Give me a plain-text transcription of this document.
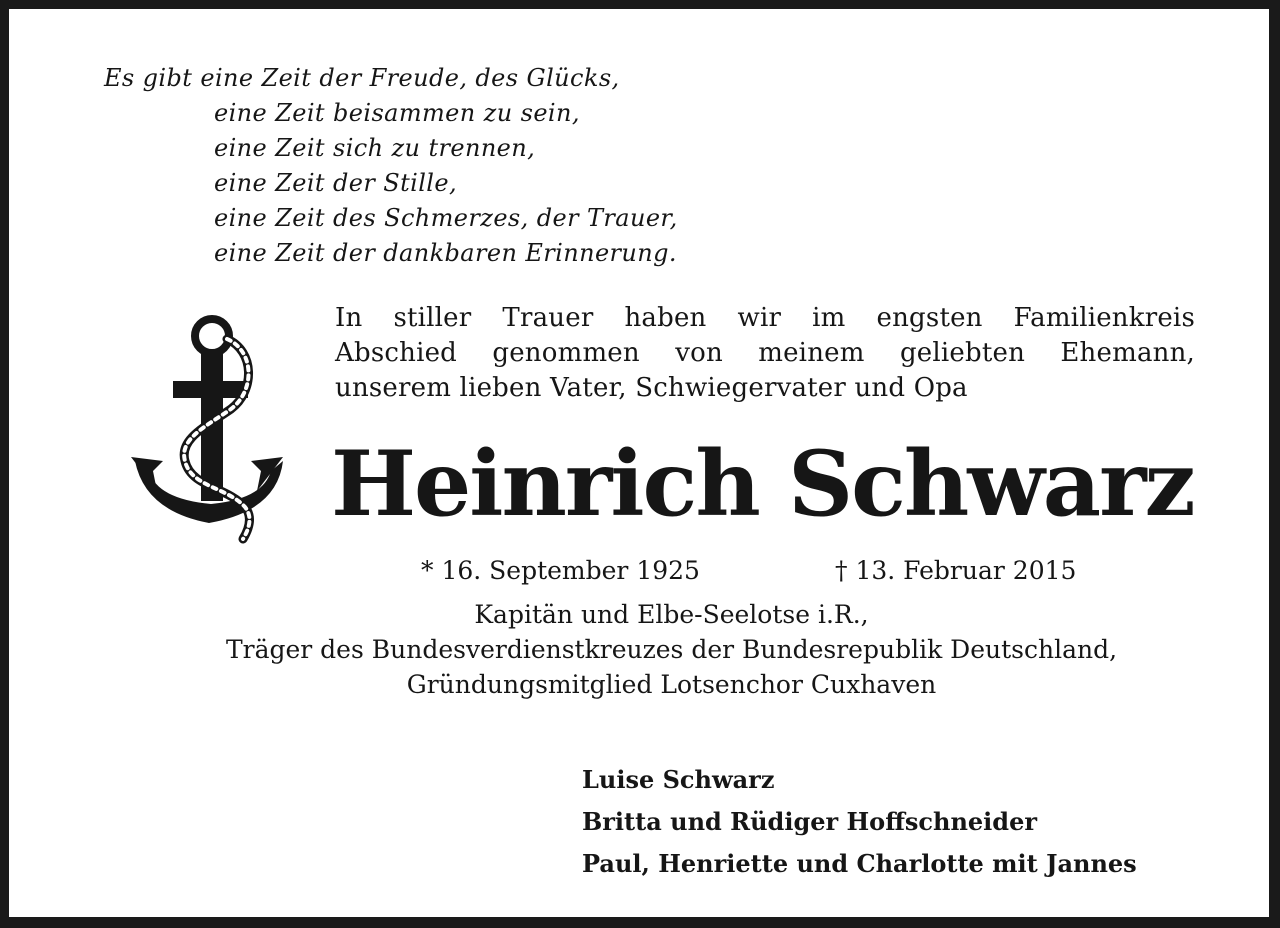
Es gibt eine Zeit der Freude, des Glücks,
eine Zeit beisammen zu sein,
eine Zeit sich zu trennen,
eine Zeit der Stille,
eine Zeit des Schmerzes, der Trauer,
eine Zeit der dankbaren Erinnerung.
In stiller Trauer haben wir im engsten Familienkreis
Abschied genommen von meinem geliebten Ehemann,
unserem lieben Vater, Schwiegervater und Opa
Heinrich Schwarz
* 16. September 1925	† 13. Februar 2015
Kapitän und Elbe-Seelotse i.R.,
Träger des Bundesverdienstkreuzes der Bundesrepublik Deutschland,
Gründungsmitglied Lotsenchor Cuxhaven
Luise Schwarz
Britta und Rüdiger Hoffschneider
Paul, Henriette und Charlotte mit Jannes
